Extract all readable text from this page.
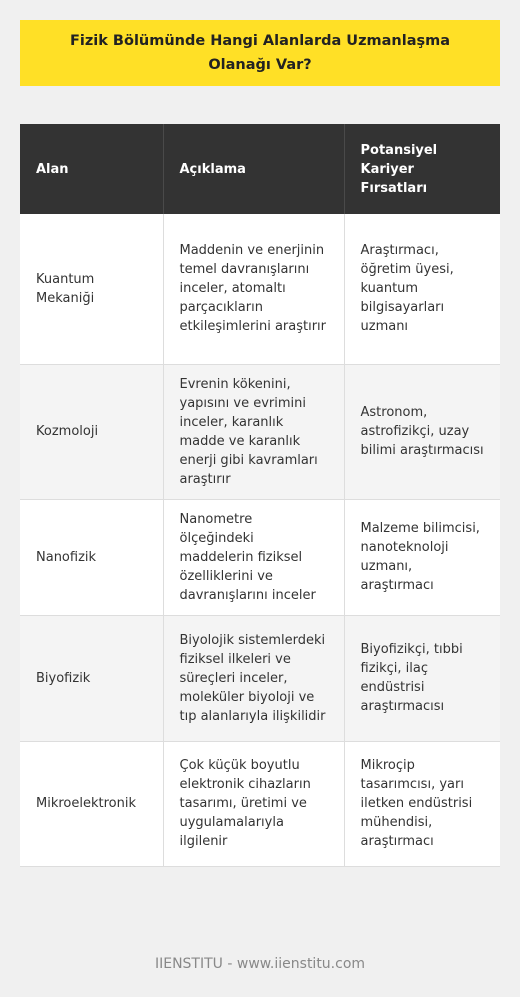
Fizik Bölümünde Hangi Alanlarda Uzmanlaşma Olanağı Var?
Alan	Açıklama	Potansiyel Kariyer Fırsatları
Kuantum Mekaniği	Maddenin ve enerjinin temel davranışlarını inceler, atomaltı parçacıkların etkileşimlerini araştırır	Araştırmacı, öğretim üyesi, kuantum bilgisayarları uzmanı
Kozmoloji	Evrenin kökenini, yapısını ve evrimini inceler, karanlık madde ve karanlık enerji gibi kavramları araştırır	Astronom, astrofizikçi, uzay bilimi araştırmacısı
Nanofizik	Nanometre ölçeğindeki maddelerin fiziksel özelliklerini ve davranışlarını inceler	Malzeme bilimcisi, nanoteknoloji uzmanı, araştırmacı
Biyofizik	Biyolojik sistemlerdeki fiziksel ilkeleri ve süreçleri inceler, moleküler biyoloji ve tıp alanlarıyla ilişkilidir	Biyofizikçi, tıbbi fizikçi, ilaç endüstrisi araştırmacısı
Mikroelektronik	Çok küçük boyutlu elektronik cihazların tasarımı, üretimi ve uygulamalarıyla ilgilenir	Mikroçip tasarımcısı, yarı iletken endüstrisi mühendisi, araştırmacı
IIENSTITU - www.iienstitu.com
